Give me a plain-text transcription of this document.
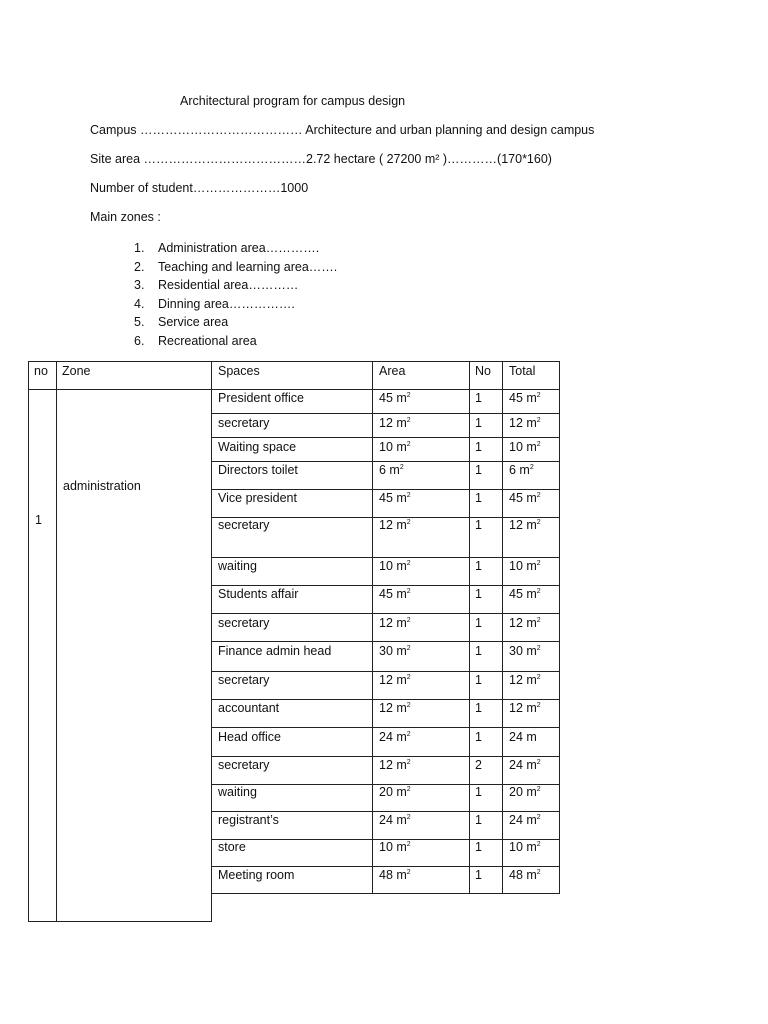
Architectural program for campus design
Campus ………………………………… Architecture and urban planning and design campus
Site area …………………………………2.72 hectare ( 27200 m² )…………(170*160)
Number of student…………………1000
Main zones :
1. Administration area………….
2. Teaching and learning area…….
3. Residential area…………
4. Dinning area…………….
5. Service area
6. Recreational area
no Zone	Spaces	Area	No Total
1
administration
President office	45 $m^2$	1 45 $m^2$
secretary	12 $m^2$	1 12 $m^2$
Waiting space	10 $m^2$	1 10 $m^2$
Directors toilet	6 $m^2$	1 6 $m^2$
Vice president	45 $m^2$	1 45 $m^2$
secretary	12 $m^2$	1 12 $m^2$
waiting	10 $m^2$	1 10 $m^2$
Students affair	45 $m^2$	1 45 $m^2$
secretary	12 $m^2$	1 12 $m^2$
Finance admin head	30 $m^2$	1 30 $m^2$
secretary	12 $m^2$	1 12 $m^2$
accountant	12 $m^2$	1 12 $m^2$
Head office	24 $m^2$	1 24 m
secretary	12 $m^2$	2 24 $m^2$
waiting	20 $m^2$	1 20 $m^2$
registrant’s	24 $m^2$	1 24 $m^2$
store	10 $m^2$	1 10 $m^2$
Meeting room	48 $m^2$	1 48 $m^2$
